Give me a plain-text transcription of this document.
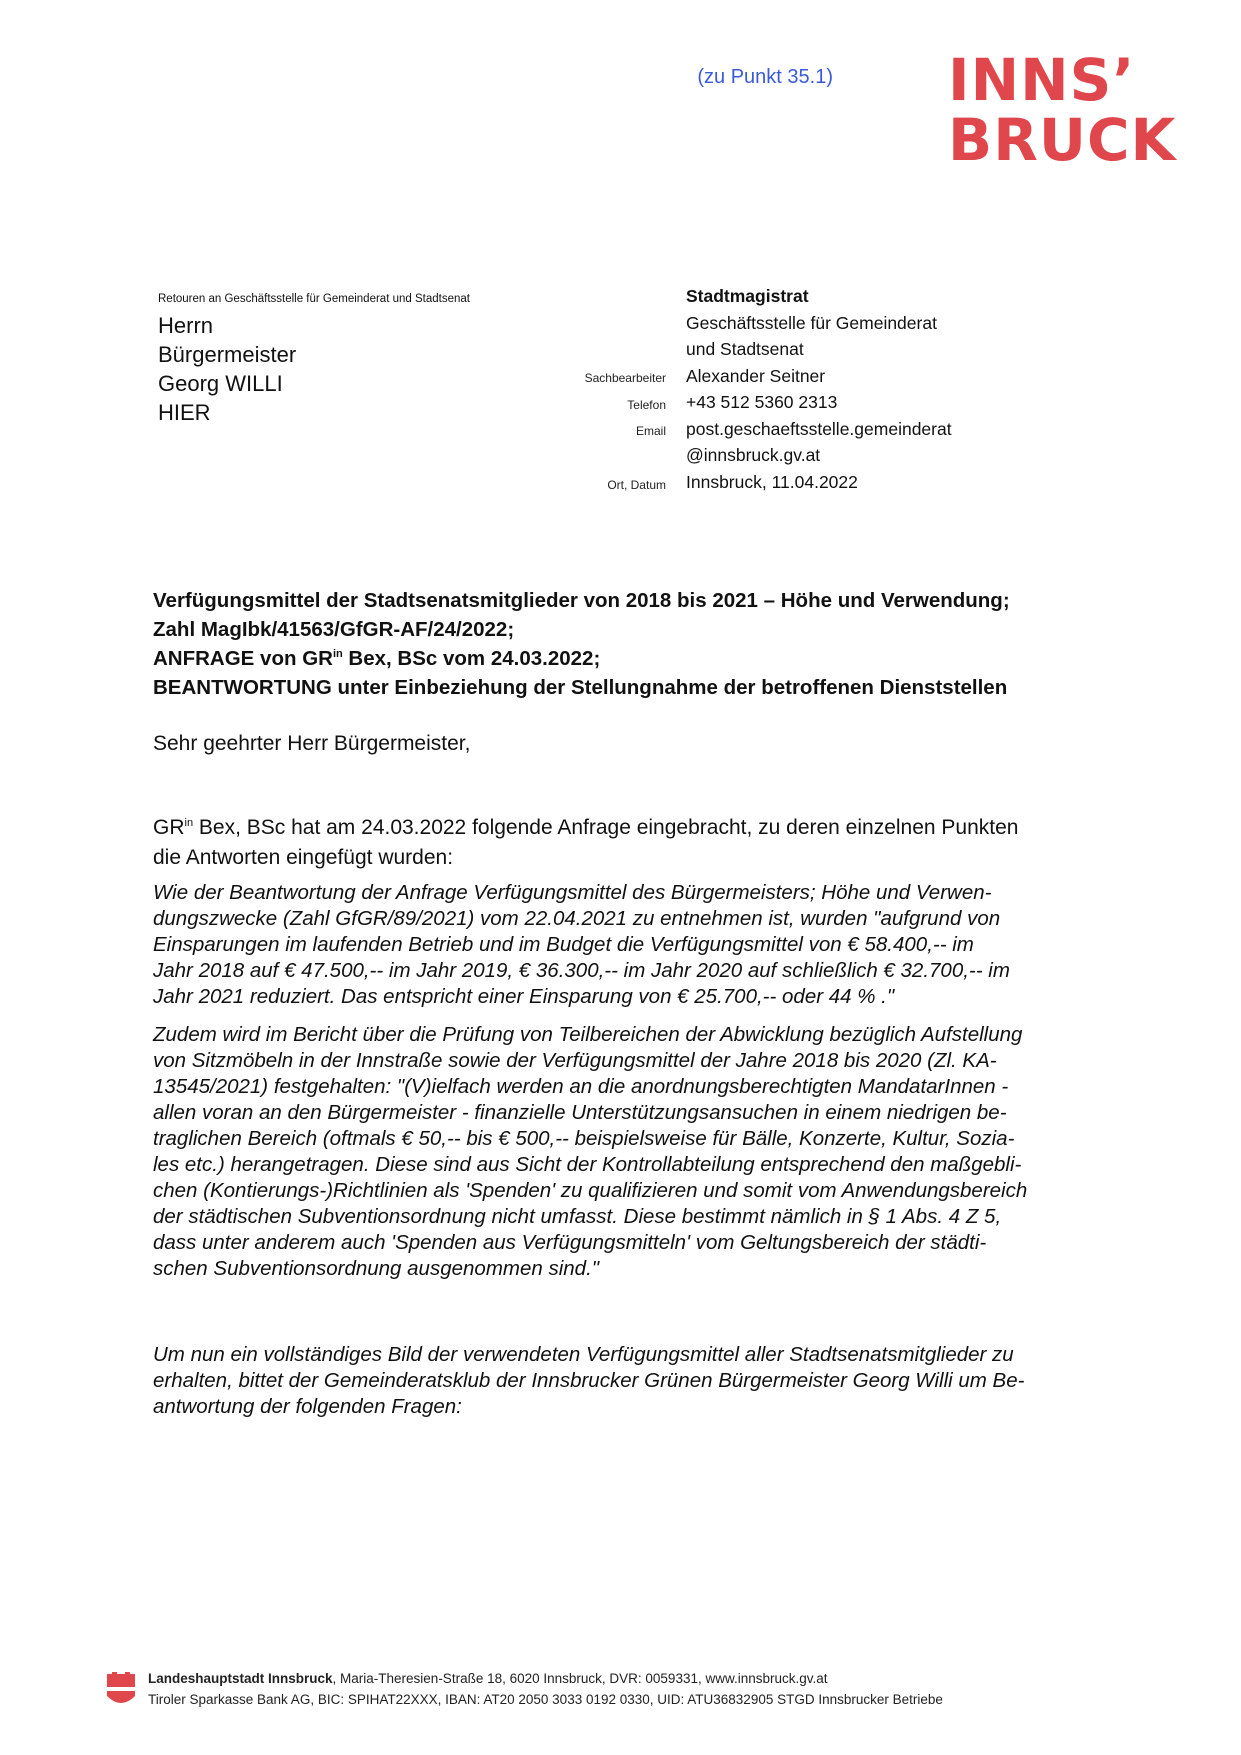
(zu Punkt 35.1) INNS’
BRUCK
Retouren an Geschäftsstelle für Gemeinderat und Stadtsenat
Herrn
Bürgermeister
Georg WILLI
HIER
Sachbearbeiter
Telefon
Email
Ort, Datum
Stadtmagistrat
Geschäftsstelle für Gemeinderat
und Stadtsenat
Alexander Seitner
+43 512 5360 2313
post.geschaeftsstelle.gemeinderat
@innsbruck.gv.at
Innsbruck, 11.04.2022
Verfügungsmittel der Stadtsenatsmitglieder von 2018 bis 2021 – Höhe und Verwendung;
Zahl MagIbk/41563/GfGR-AF/24/2022;
ANFRAGE von $GR^{in}$ Bex, BSc vom 24.03.2022;
BEANTWORTUNG unter Einbeziehung der Stellungnahme der betroffenen Dienststellen
Sehr geehrter Herr Bürgermeister,
$GR^{in}$ Bex, BSc hat am 24.03.2022 folgende Anfrage eingebracht, zu deren einzelnen Punkten
die Antworten eingefügt wurden:
Wie der Beantwortung der Anfrage Verfügungsmittel des Bürgermeisters; Höhe und Verwen-
dungszwecke (Zahl GfGR/89/2021) vom 22.04.2021 zu entnehmen ist, wurden "aufgrund von
Einsparungen im laufenden Betrieb und im Budget die Verfügungsmittel von € 58.400,-- im
Jahr 2018 auf € 47.500,-- im Jahr 2019, € 36.300,-- im Jahr 2020 auf schließlich € 32.700,-- im
Jahr 2021 reduziert. Das entspricht einer Einsparung von € 25.700,-- oder 44 % ."
Zudem wird im Bericht über die Prüfung von Teilbereichen der Abwicklung bezüglich Aufstellung
von Sitzmöbeln in der Innstraße sowie der Verfügungsmittel der Jahre 2018 bis 2020 (Zl. KA-
13545/2021) festgehalten: "(V)ielfach werden an die anordnungsberechtigten MandatarInnen -
allen voran an den Bürgermeister - finanzielle Unterstützungsansuchen in einem niedrigen be-
traglichen Bereich (oftmals € 50,-- bis € 500,-- beispielsweise für Bälle, Konzerte, Kultur, Sozia-
les etc.) herangetragen. Diese sind aus Sicht der Kontrollabteilung entsprechend den maßgebli-
chen (Kontierungs-)Richtlinien als 'Spenden' zu qualifizieren und somit vom Anwendungsbereich
der städtischen Subventionsordnung nicht umfasst. Diese bestimmt nämlich in § 1 Abs. 4 Z 5,
dass unter anderem auch 'Spenden aus Verfügungsmitteln' vom Geltungsbereich der städti-
schen Subventionsordnung ausgenommen sind."
Um nun ein vollständiges Bild der verwendeten Verfügungsmittel aller Stadtsenatsmitglieder zu
erhalten, bittet der Gemeinderatsklub der Innsbrucker Grünen Bürgermeister Georg Willi um Be-
antwortung der folgenden Fragen:
Landeshauptstadt Innsbruck, Maria-Theresien-Straße 18, 6020 Innsbruck, DVR: 0059331, www.innsbruck.gv.at
Tiroler Sparkasse Bank AG, BIC: SPIHAT22XXX, IBAN: AT20 2050 3033 0192 0330, UID: ATU36832905 STGD Innsbrucker Betriebe
